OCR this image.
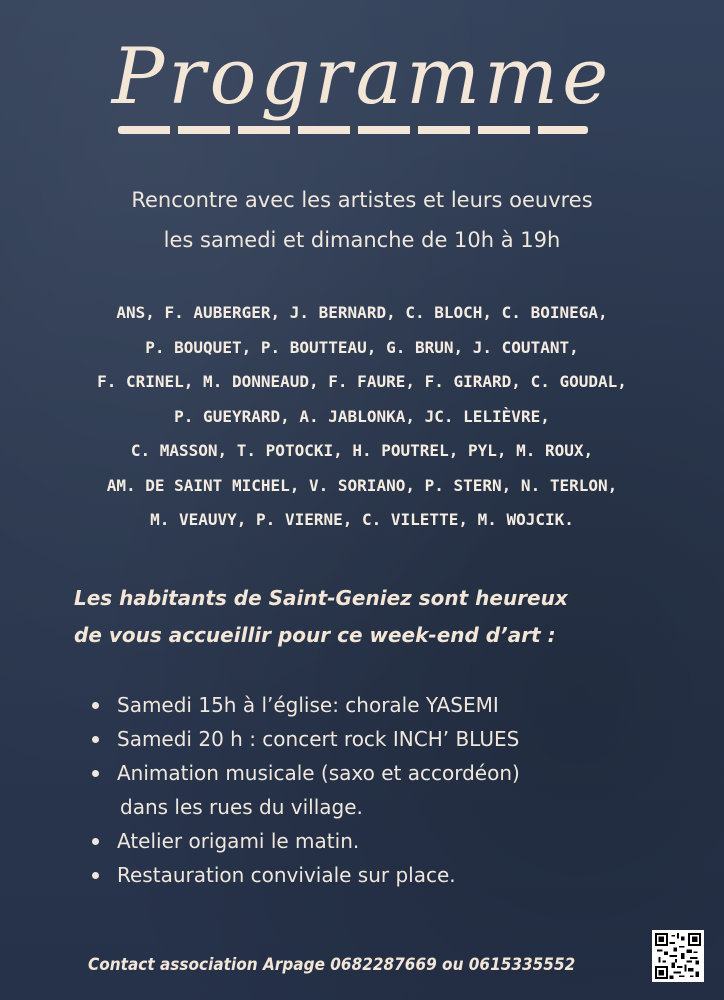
Programme
Rencontre avec les artistes et leurs oeuvres
les samedi et dimanche de 10h à 19h
ANS, F. AUBERGER, J. BERNARD, C. BLOCH, C. BOINEGA,
P. BOUQUET, P. BOUTTEAU, G. BRUN, J. COUTANT,
F. CRINEL, M. DONNEAUD, F. FAURE, F. GIRARD, C. GOUDAL,
P. GUEYRARD, A. JABLONKA, JC. LELIÈVRE,
C. MASSON, T. POTOCKI, H. POUTREL, PYL, M. ROUX,
AM. DE SAINT MICHEL, V. SORIANO, P. STERN, N. TERLON,
M. VEAUVY, P. VIERNE, C. VILETTE, M. WOJCIK.
Les habitants de Saint-Geniez sont heureux
de vous accueillir pour ce week-end d’art :
Samedi 15h à l’église: chorale YASEMI
Samedi 20 h : concert rock INCH’ BLUES
Animation musicale (saxo et accordéon)
dans les rues du village.
Atelier origami le matin.
Restauration conviviale sur place.
Contact association Arpage 0682287669 ou 0615335552
